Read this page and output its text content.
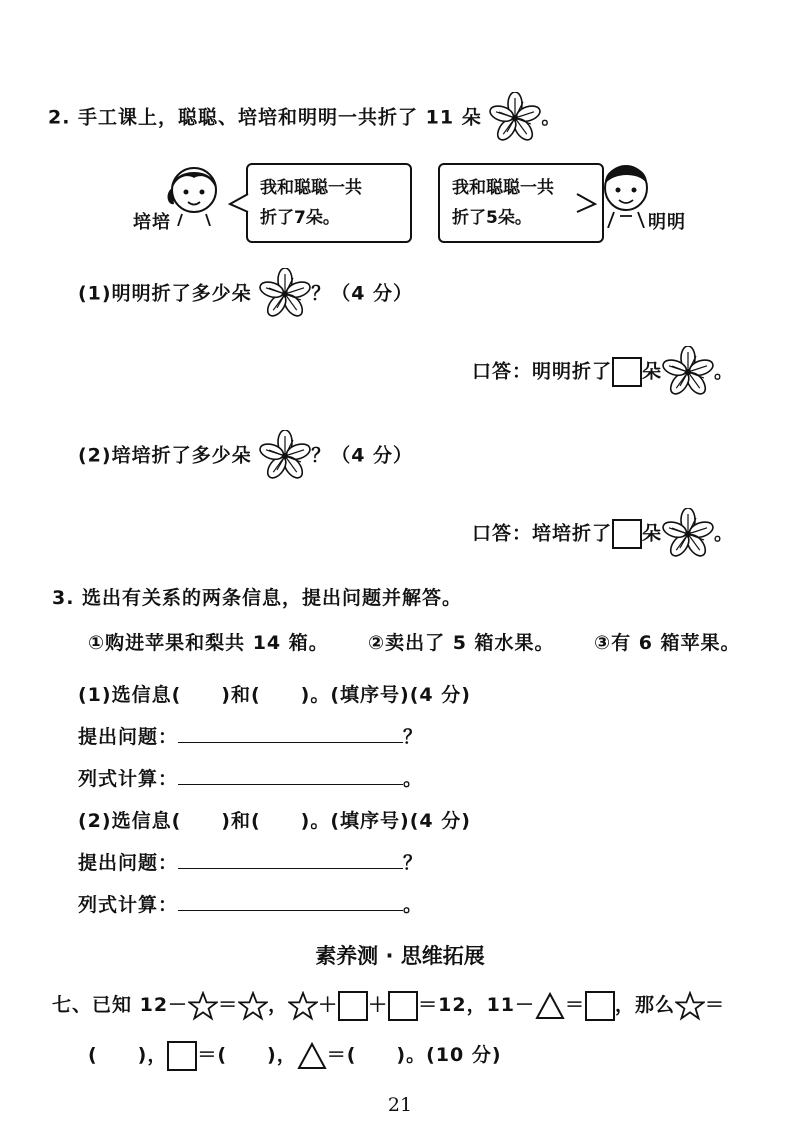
2. 手工课上，聪聪、培培和明明一共折了 11 朵	。
培培
我和聪聪一共
折了7朵。
我和聪聪一共
折了5朵。	明明
(1)明明折了多少朵	？（4 分）
口答：明明折了 朵	。
(2)培培折了多少朵	？（4 分）
口答：培培折了 朵	。
3. 选出有关系的两条信息，提出问题并解答。
①购进苹果和梨共 14 箱。 ②卖出了 5 箱水果。 ③有 6 箱苹果。
(1)选信息(　　)和(　　)。(填序号)(4 分)
提出问题：	？
列式计算：	。
(2)选信息(　　)和(　　)。(填序号)(4 分)
提出问题：	？
列式计算：	。
素养测 · 思维拓展
七、已知 12－ ＝ ， ＋ ＋ ＝12，11－ ＝ ，那么 ＝
(　　)， ＝(　　)， ＝(　　)。(10 分)
21
